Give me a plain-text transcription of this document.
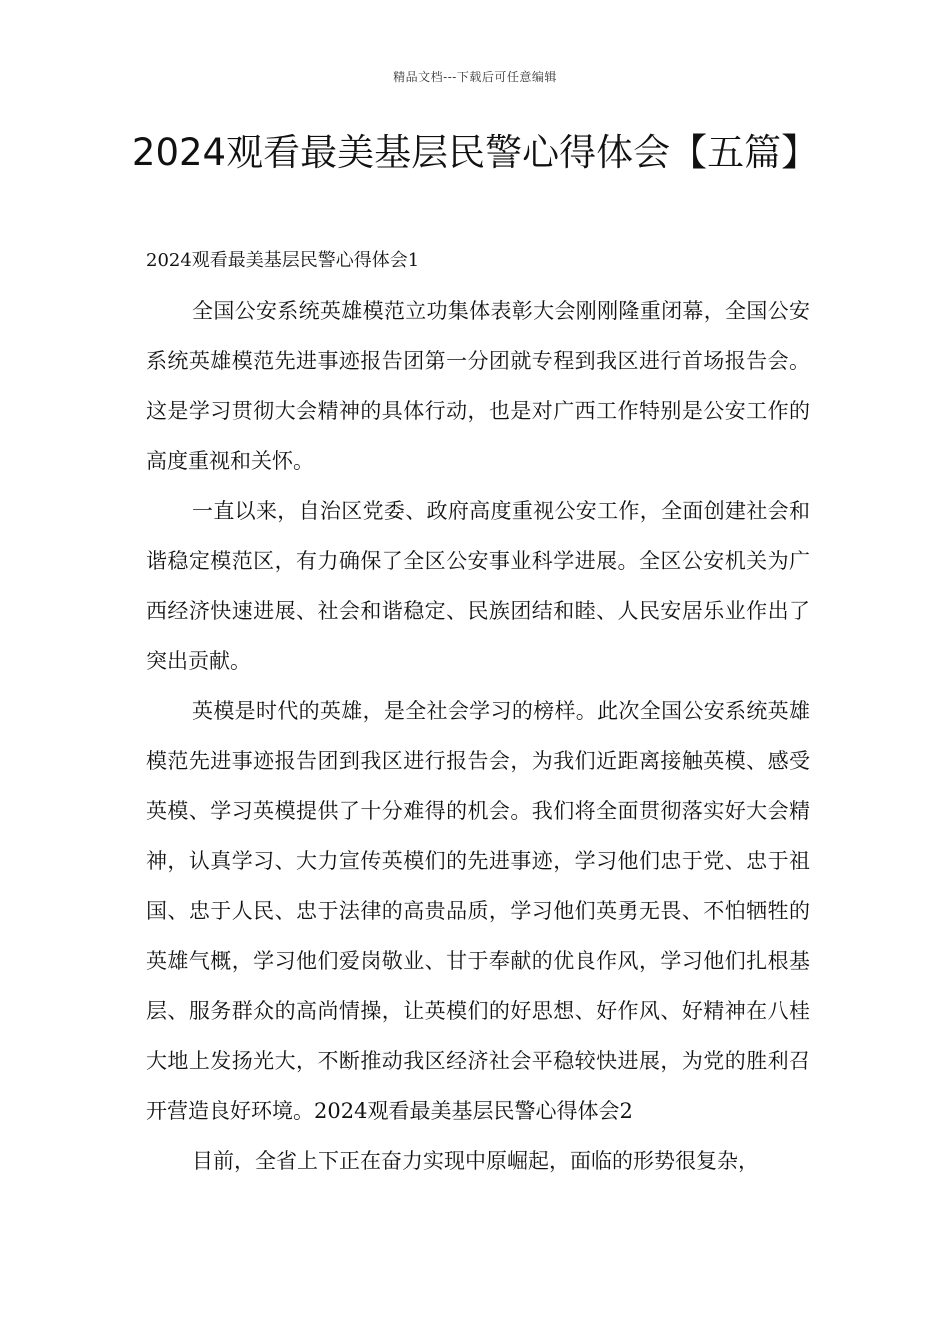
精品文档---下载后可任意编辑
2024观看最美基层民警心得体会【五篇】

2024观看最美基层民警心得体会1

全国公安系统英雄模范立功集体表彰大会刚刚隆重闭幕，全国公安系统英雄模范先进事迹报告团第一分团就专程到我区进行首场报告会。这是学习贯彻大会精神的具体行动，也是对广西工作特别是公安工作的高度重视和关怀。

一直以来，自治区党委、政府高度重视公安工作，全面创建社会和谐稳定模范区，有力确保了全区公安事业科学进展。全区公安机关为广西经济快速进展、社会和谐稳定、民族团结和睦、人民安居乐业作出了突出贡献。

英模是时代的英雄，是全社会学习的榜样。此次全国公安系统英雄模范先进事迹报告团到我区进行报告会，为我们近距离接触英模、感受英模、学习英模提供了十分难得的机会。我们将全面贯彻落实好大会精神，认真学习、大力宣传英模们的先进事迹，学习他们忠于党、忠于祖国、忠于人民、忠于法律的高贵品质，学习他们英勇无畏、不怕牺牲的英雄气概，学习他们爱岗敬业、甘于奉献的优良作风，学习他们扎根基层、服务群众的高尚情操，让英模们的好思想、好作风、好精神在八桂大地上发扬光大，不断推动我区经济社会平稳较快进展，为党的胜利召开营造良好环境。2024观看最美基层民警心得体会2

目前，全省上下正在奋力实现中原崛起，面临的形势很复杂，
